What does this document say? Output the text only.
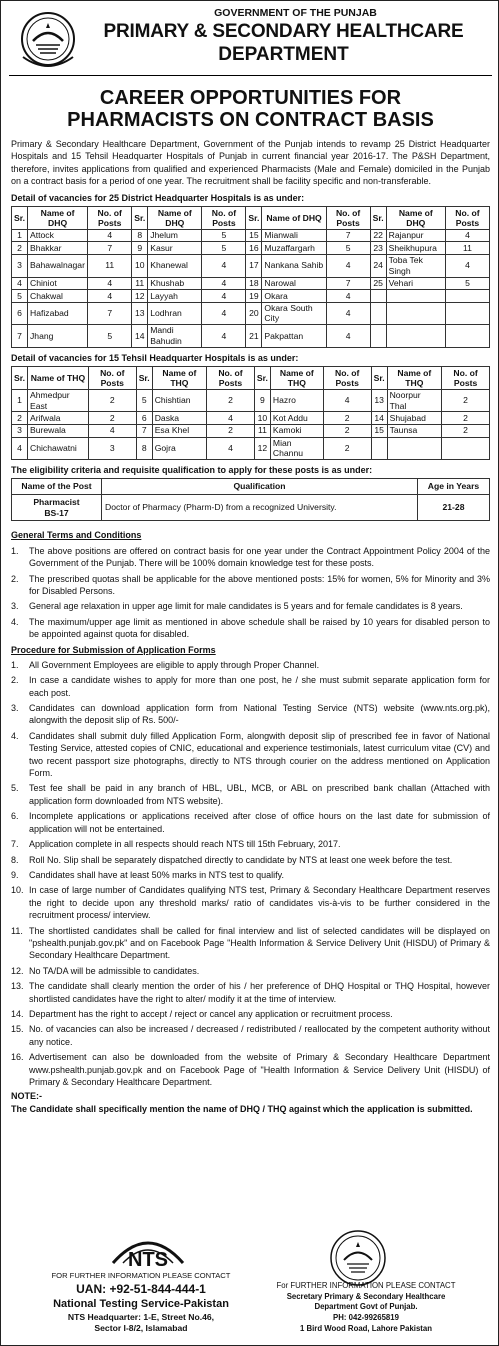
GOVERNMENT OF THE PUNJAB
PRIMARY & SECONDARY HEALTHCARE
DEPARTMENT
CAREER OPPORTUNITIES FOR
PHARMACISTS ON CONTRACT BASIS

Primary & Secondary Healthcare Department, Government of the Punjab intends to revamp 25 District Headquarter Hospitals and 15 Tehsil Headquarter Hospitals of Punjab in current financial year 2016-17. The P&SH Department, therefore, invites applications from qualified and experienced Pharmacists (Male and Female) domiciled in the Punjab on a contract basis for a period of one year. The recruitment shall be facility specific and non-transferable.

Detail of vacancies for 25 District Headquarter Hospitals is as under:
Sr.	Name of DHQ	No. of Posts	Sr.	Name of DHQ	No. of Posts	Sr.	Name of DHQ	No. of Posts	Sr.	Name of DHQ	No. of Posts
1	Attock	4	8	Jhelum	5	15	Mianwali	7	22	Rajanpur	4
2	Bhakkar	7	9	Kasur	5	16	Muzaffargarh	5	23	Sheikhupura	11
3	Bahawalnagar	11	10	Khanewal	4	17	Nankana Sahib	4	24	Toba Tek Singh	4
4	Chiniot	4	11	Khushab	4	18	Narowal	7	25	Vehari	5
5	Chakwal	4	12	Layyah	4	19	Okara	4			
6	Hafizabad	7	13	Lodhran	4	20	Okara South City	4			
7	Jhang	5	14	Mandi Bahudin	4	21	Pakpattan	4			
Detail of vacancies for 15 Tehsil Headquarter Hospitals is as under:
Sr.	Name of THQ	No. of Posts	Sr.	Name of THQ	No. of Posts	Sr.	Name of THQ	No. of Posts	Sr.	Name of THQ	No. of Posts
1	Ahmedpur East	2	5	Chishtian	2	9	Hazro	4	13	Noorpur Thal	2
2	Arifwala	2	6	Daska	4	10	Kot Addu	2	14	Shujabad	2
3	Burewala	4	7	Esa Khel	2	11	Kamoki	2	15	Taunsa	2
4	Chichawatni	3	8	Gojra	4	12	Mian Channu	2			
The eligibility criteria and requisite qualification to apply for these posts is as under:
Name of the Post	Qualification	Age in Years

Pharmacist
BS-17	Doctor of Pharmacy (Pharm-D) from a recognized University.	21-28
General Terms and Conditions
1.	The above positions are offered on contract basis for one year under the Contract Appointment Policy 2004 of the Government of the Punjab. There will be 100% domain knowledge test for these posts.
2.	The prescribed quotas shall be applicable for the above mentioned posts: 15% for women, 5% for Minority and 3% for Disabled Persons.
3.	General age relaxation in upper age limit for male candidates is 5 years and for female candidates is 8 years.
4.	The maximum/upper age limit as mentioned in above schedule shall be raised by 10 years for disabled person to be appointed against quota for disabled.
Procedure for Submission of Application Forms
1.	All Government Employees are eligible to apply through Proper Channel.
2.	In case a candidate wishes to apply for more than one post, he / she must submit separate application form for each post.
3.	Candidates can download application form from National Testing Service (NTS) website (www.nts.org.pk), alongwith the deposit slip of Rs. 500/-
4.	Candidates shall submit duly filled Application Form, alongwith deposit slip of prescribed fee in favor of National Testing Service, attested copies of CNIC, educational and experience testimonials, latest curriculum vitae (CV) and two recent passport size photographs, directly to NTS through courier on the address mentioned on Application Form.
5.	Test fee shall be paid in any branch of HBL, UBL, MCB, or ABL on prescribed bank challan (Attached with application form downloaded from NTS website).
6.	Incomplete applications or applications received after close of office hours on the last date for submission of application will not be entertained.
7.	Application complete in all respects should reach NTS till 15th February, 2017.
8.	Roll No. Slip shall be separately dispatched directly to candidate by NTS at least one week before the test.
9.	Candidates shall have at least 50% marks in NTS test to qualify.
10. In case of large number of Candidates qualifying NTS test, Primary & Secondary Healthcare Department reserves the right to decide upon any threshold marks/ ratio of candidates vis-à-vis to be further considered in the recruitment process/ interview.
11. The shortlisted candidates shall be called for final interview and list of selected candidates will be displayed on "pshealth.punjab.gov.pk" and on Facebook Page "Health Information & Service Delivery Unit (HISDU) of Primary & Secondary Healthcare Department.
12. No TA/DA will be admissible to candidates.
13. The candidate shall clearly mention the order of his / her preference of DHQ Hospital or THQ Hospital, however shortlisted candidates have the right to alter/ modify it at the time of interview.
14. Department has the right to accept / reject or cancel any application or recruitment process.
15. No. of vacancies can also be increased / decreased / redistributed / reallocated by the competent authority without any notice.
16. Advertisement can also be downloaded from the website of Primary & Secondary Healthcare Department www.pshealth.punjab.gov.pk and on Facebook Page of "Health Information & Service Delivery Unit (HISDU) of Primary & Secondary Healthcare Department.
NOTE:-
The Candidate shall specifically mention the name of DHQ / THQ against which the application is submitted.
NTS
FOR FURTHER INFORMATION PLEASE CONTACT
UAN: +92-51-844-444-1
National Testing Service-Pakistan
NTS Headquarter: 1-E, Street No.46,
Sector I-8/2, Islamabad
For FURTHER INFORMATION PLEASE CONTACT
Secretary Primary & Secondary Healthcare
Department Govt of Punjab.
PH: 042-99265819
1 Bird Wood Road, Lahore Pakistan
